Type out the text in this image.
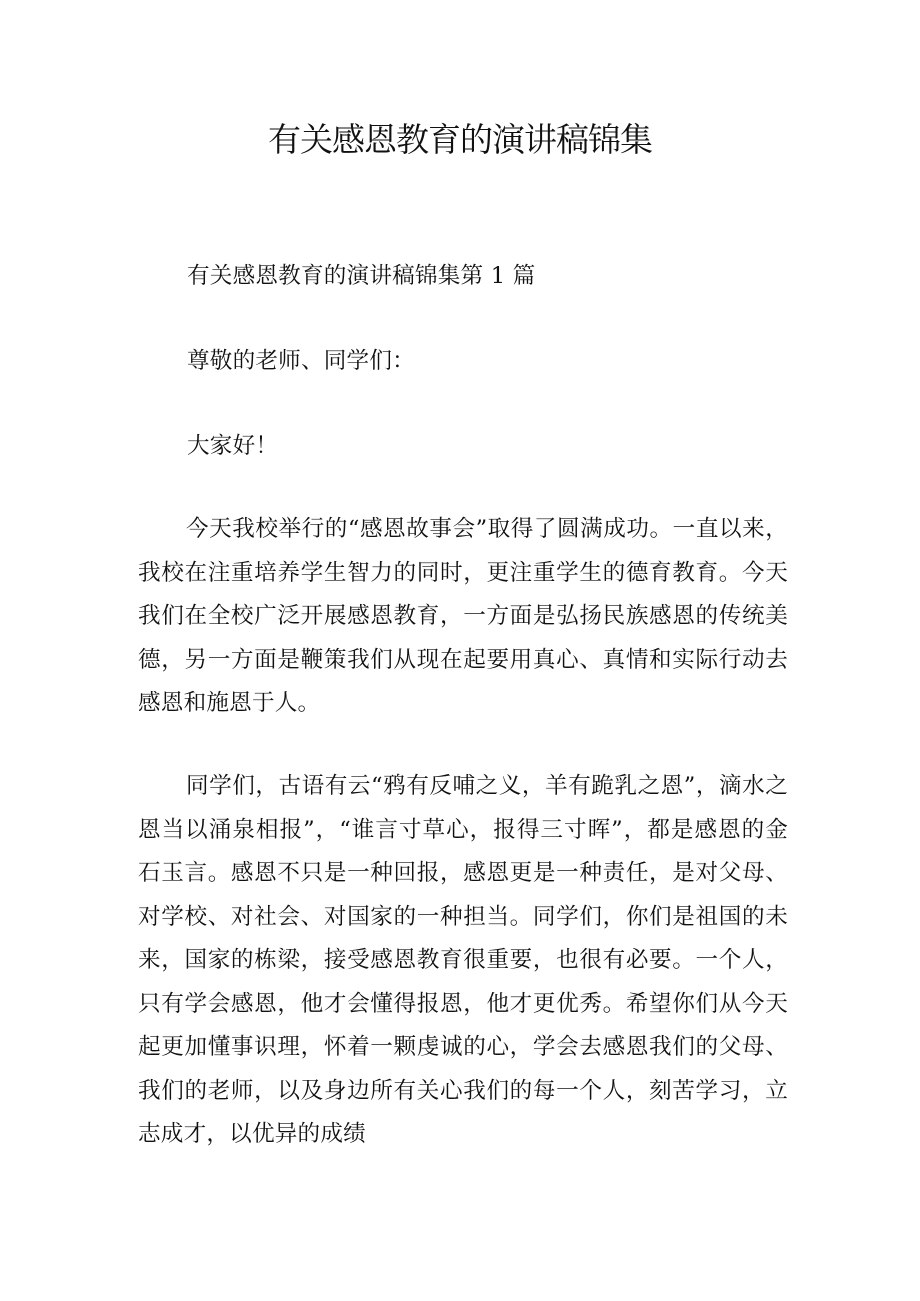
有关感恩教育的演讲稿锦集

有关感恩教育的演讲稿锦集第 1 篇

尊敬的老师、同学们：

大家好！

今天我校举行的“感恩故事会”取得了圆满成功。一直以来，我校在注重培养学生智力的同时，更注重学生的德育教育。今天我们在全校广泛开展感恩教育，一方面是弘扬民族感恩的传统美德，另一方面是鞭策我们从现在起要用真心、真情和实际行动去感恩和施恩于人。

同学们，古语有云“鸦有反哺之义，羊有跪乳之恩”，滴水之恩当以涌泉相报”，“谁言寸草心，报得三寸晖”，都是感恩的金石玉言。感恩不只是一种回报，感恩更是一种责任，是对父母、对学校、对社会、对国家的一种担当。同学们，你们是祖国的未来，国家的栋梁，接受感恩教育很重要，也很有必要。一个人，只有学会感恩，他才会懂得报恩，他才更优秀。希望你们从今天起更加懂事识理，怀着一颗虔诚的心，学会去感恩我们的父母、我们的老师，以及身边所有关心我们的每一个人，刻苦学习，立志成才，以优异的成绩
